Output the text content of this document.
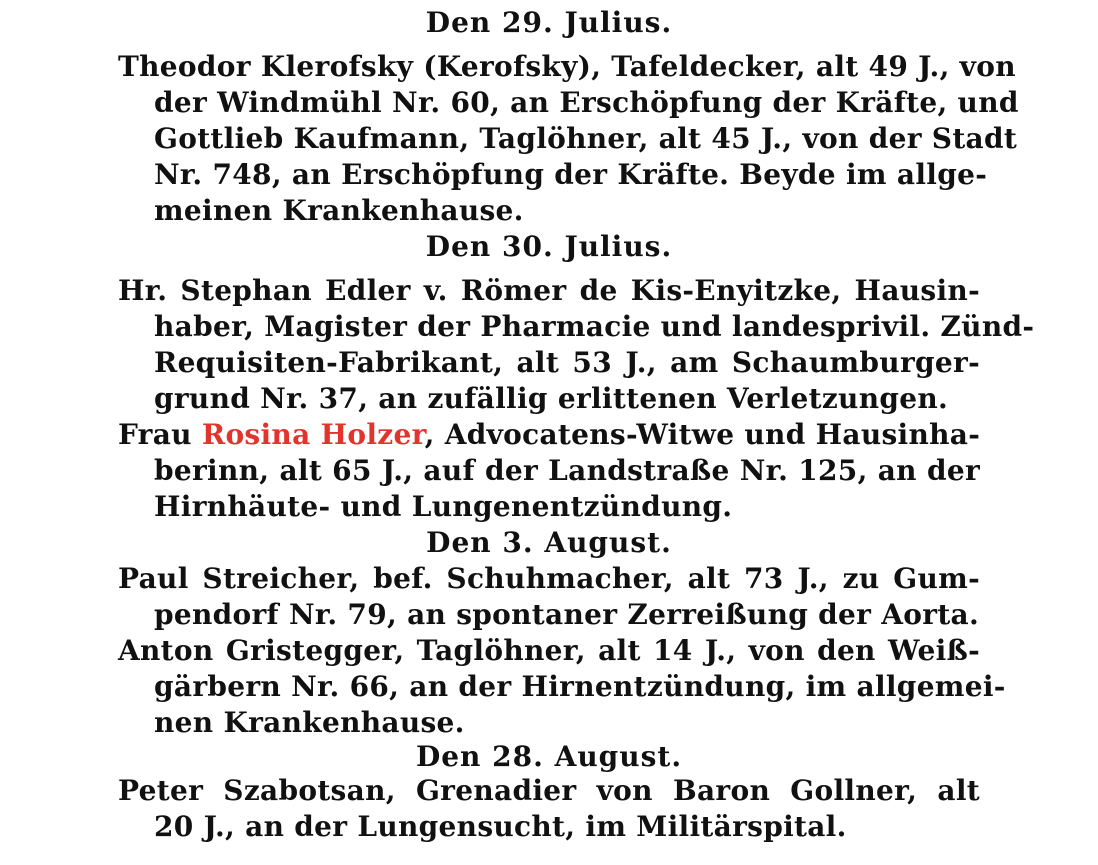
Den 29. Julius.
Theodor Klerofsky (Kerofsky), Tafeldecker, alt 49 J., von
der Windmühl Nr. 60, an Erschöpfung der Kräfte, und
Gottlieb Kaufmann, Taglöhner, alt 45 J., von der Stadt
Nr. 748, an Erschöpfung der Kräfte. Beyde im allge-
meinen Krankenhause.
Den 30. Julius.
Hr. Stephan Edler v. Römer de Kis-Enyitzke, Hausin-
haber, Magister der Pharmacie und landesprivil. Zünd-
Requisiten-Fabrikant, alt 53 J., am Schaumburger-
grund Nr. 37, an zufällig erlittenen Verletzungen.
Frau Rosina Holzer, Advocatens-Witwe und Hausinha-
berinn, alt 65 J., auf der Landstraße Nr. 125, an der
Hirnhäute- und Lungenentzündung.
Den 3. August.
Paul Streicher, bef. Schuhmacher, alt 73 J., zu Gum-
pendorf Nr. 79, an spontaner Zerreißung der Aorta.
Anton Gristegger, Taglöhner, alt 14 J., von den Weiß-
gärbern Nr. 66, an der Hirnentzündung, im allgemei-
nen Krankenhause.
Den 28. August.
Peter Szabotsan, Grenadier von Baron Gollner, alt
20 J., an der Lungensucht, im Militärspital.
